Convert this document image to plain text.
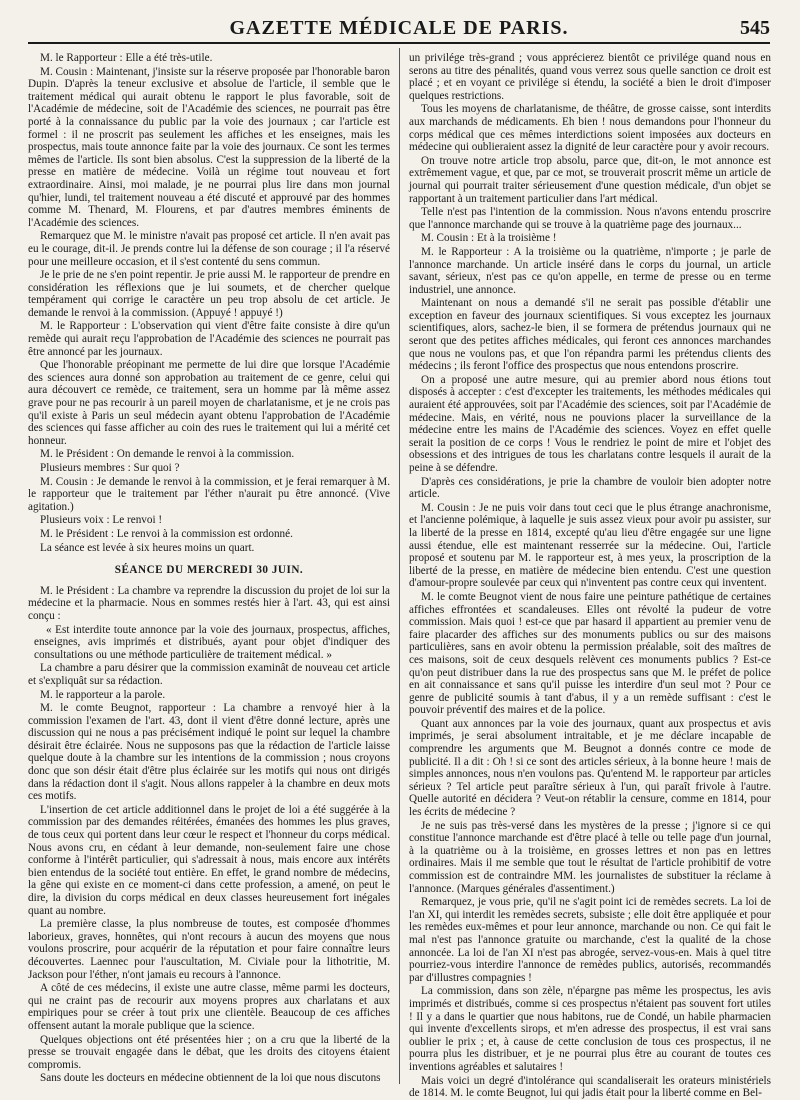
GAZETTE MÉDICALE DE PARIS.	545

M. le Rapporteur : Elle a été très-utile.

M. Cousin : Maintenant, j'insiste sur la réserve proposée par l'honorable baron Dupin. D'après la teneur exclusive et absolue de l'article, il semble que le traitement médical qui aurait obtenu le rapport le plus favorable, soit de l'Académie de médecine, soit de l'Académie des sciences, ne pourrait pas être porté à la connaissance du public par la voie des journaux ; car l'article est formel : il ne proscrit pas seulement les affiches et les enseignes, mais les prospectus, mais toute annonce faite par la voie des journaux. Ce sont les termes mêmes de l'article. Ils sont bien absolus. C'est la suppression de la liberté de la presse en matière de médecine. Voilà un régime tout nouveau et fort extraordinaire. Ainsi, moi malade, je ne pourrai plus lire dans mon journal qu'hier, lundi, tel traitement nouveau a été discuté et approuvé par des hommes comme M. Thenard, M. Flourens, et par d'autres membres éminents de l'Académie des sciences.

Remarquez que M. le ministre n'avait pas proposé cet article. Il n'en avait pas eu le courage, dit-il. Je prends contre lui la défense de son courage ; il l'a réservé pour une meilleure occasion, et il s'est contenté du sens commun.

Je le prie de ne s'en point repentir. Je prie aussi M. le rapporteur de prendre en considération les réflexions que je lui soumets, et de chercher quelque tempérament qui corrige le caractère un peu trop absolu de cet article. Je demande le renvoi à la commission. (Appuyé ! appuyé !)

M. le Rapporteur : L'observation qui vient d'être faite consiste à dire qu'un remède qui aurait reçu l'approbation de l'Académie des sciences ne pourrait pas être annoncé par les journaux.

Que l'honorable préopinant me permette de lui dire que lorsque l'Académie des sciences aura donné son approbation au traitement de ce genre, celui qui aura découvert ce remède, ce traitement, sera un homme par là même assez grave pour ne pas recourir à un pareil moyen de charlatanisme, et je ne crois pas qu'il existe à Paris un seul médecin ayant obtenu l'approbation de l'Académie des sciences qui fasse afficher au coin des rues le traitement qui lui a mérité cet honneur.

M. le Président : On demande le renvoi à la commission.

Plusieurs membres : Sur quoi ?

M. Cousin : Je demande le renvoi à la commission, et je ferai remarquer à M. le rapporteur que le traitement par l'éther n'aurait pu être annoncé. (Vive agitation.)

Plusieurs voix : Le renvoi !

M. le Président : Le renvoi à la commission est ordonné.

La séance est levée à six heures moins un quart.

SÉANCE DU MERCREDI 30 JUIN.

M. le Président : La chambre va reprendre la discussion du projet de loi sur la médecine et la pharmacie. Nous en sommes restés hier à l'art. 43, qui est ainsi conçu :

« Est interdite toute annonce par la voie des journaux, prospectus, affiches, enseignes, avis imprimés et distribués, ayant pour objet d'indiquer des consultations ou une méthode particulière de traitement médical. »

La chambre a paru désirer que la commission examinât de nouveau cet article et s'expliquât sur sa rédaction.

M. le rapporteur a la parole.

M. le comte Beugnot, rapporteur : La chambre a renvoyé hier à la commission l'examen de l'art. 43, dont il vient d'être donné lecture, après une discussion qui ne nous a pas précisément indiqué le point sur lequel la chambre désirait être éclairée. Nous ne supposons pas que la rédaction de l'article laisse quelque doute à la chambre sur les intentions de la commission ; nous croyons donc que son désir était d'être plus éclairée sur les motifs qui nous ont dirigés dans la rédaction dont il s'agit. Nous allons rappeler à la chambre en deux mots ces motifs.

L'insertion de cet article additionnel dans le projet de loi a été suggérée à la commission par des demandes réitérées, émanées des hommes les plus graves, de tous ceux qui portent dans leur cœur le respect et l'honneur du corps médical. Nous avons cru, en cédant à leur demande, non-seulement faire une chose conforme à l'intérêt particulier, qui s'adressait à nous, mais encore aux intérêts bien entendus de la société tout entière. En effet, le grand nombre de médecins, la gêne qui existe en ce moment-ci dans cette profession, a amené, on peut le dire, la division du corps médical en deux classes heureusement fort inégales quant au nombre.

La première classe, la plus nombreuse de toutes, est composée d'hommes laborieux, graves, honnêtes, qui n'ont recours à aucun des moyens que nous voulons proscrire, pour acquérir de la réputation et pour faire connaître leurs découvertes. Laennec pour l'auscultation, M. Civiale pour la lithotritie, M. Jackson pour l'éther, n'ont jamais eu recours à l'annonce.

A côté de ces médecins, il existe une autre classe, même parmi les docteurs, qui ne craint pas de recourir aux moyens propres aux charlatans et aux empiriques pour se créer à tout prix une clientèle. Beaucoup de ces affiches offensent autant la morale publique que la science.

Quelques objections ont été présentées hier ; on a cru que la liberté de la presse se trouvait engagée dans le débat, que les droits des citoyens étaient compromis.

Sans doute les docteurs en médecine obtiennent de la loi que nous discutons

un privilége très-grand ; vous apprécierez bientôt ce privilége quand nous en serons au titre des pénalités, quand vous verrez sous quelle sanction ce droit est placé ; et en voyant ce privilége si étendu, la société a bien le droit d'imposer quelques restrictions.

Tous les moyens de charlatanisme, de théâtre, de grosse caisse, sont interdits aux marchands de médicaments. Eh bien ! nous demandons pour l'honneur du corps médical que ces mêmes interdictions soient imposées aux docteurs en médecine qui oublieraient assez la dignité de leur caractère pour y avoir recours.

On trouve notre article trop absolu, parce que, dit-on, le mot annonce est extrêmement vague, et que, par ce mot, se trouverait proscrit même un article de journal qui pourrait traiter sérieusement d'une question médicale, d'un objet se rapportant à un traitement particulier dans l'art médical.

Telle n'est pas l'intention de la commission. Nous n'avons entendu proscrire que l'annonce marchande qui se trouve à la quatrième page des journaux...

M. Cousin : Et à la troisième !

M. le Rapporteur : A la troisième ou la quatrième, n'importe ; je parle de l'annonce marchande. Un article inséré dans le corps du journal, un article savant, sérieux, n'est pas ce qu'on appelle, en terme de presse ou en terme industriel, une annonce.

Maintenant on nous a demandé s'il ne serait pas possible d'établir une exception en faveur des journaux scientifiques. Si vous exceptez les journaux scientifiques, alors, sachez-le bien, il se formera de prétendus journaux qui ne seront que des petites affiches médicales, qui feront ces annonces marchandes que nous ne voulons pas, et que l'on répandra parmi les prétendus clients des médecins ; ils feront l'office des prospectus que nous entendons proscrire.

On a proposé une autre mesure, qui au premier abord nous étions tout disposés à accepter : c'est d'excepter les traitements, les méthodes médicales qui auraient été approuvées, soit par l'Académie des sciences, soit par l'Académie de médecine. Mais, en vérité, nous ne pouvions placer la surveillance de la médecine entre les mains de l'Académie des sciences. Voyez en effet quelle serait la position de ce corps ! Vous le rendriez le point de mire et l'objet des obsessions et des intrigues de tous les charlatans contre lesquels il aurait de la peine à se défendre.

D'après ces considérations, je prie la chambre de vouloir bien adopter notre article.

M. Cousin : Je ne puis voir dans tout ceci que le plus étrange anachronisme, et l'ancienne polémique, à laquelle je suis assez vieux pour avoir pu assister, sur la liberté de la presse en 1814, excepté qu'au lieu d'être engagée sur une ligne aussi étendue, elle est maintenant resserrée sur la médecine. Oui, l'article proposé et soutenu par M. le rapporteur est, à mes yeux, la proscription de la liberté de la presse, en matière de médecine bien entendu. C'est une question d'amour-propre soulevée par ceux qui n'inventent pas contre ceux qui inventent.

M. le comte Beugnot vient de nous faire une peinture pathétique de certaines affiches effrontées et scandaleuses. Elles ont révolté la pudeur de votre commission. Mais quoi ! est-ce que par hasard il appartient au premier venu de faire placarder des affiches sur des monuments publics ou sur des maisons particulières, sans en avoir obtenu la permission préalable, soit des maîtres de ces maisons, soit de ceux desquels relèvent ces monuments publics ? Est-ce qu'on peut distribuer dans la rue des prospectus sans que M. le préfet de police en ait connaissance et sans qu'il puisse les interdire d'un seul mot ? Pour ce genre de publicité soumis à tant d'abus, il y a un remède suffisant : c'est le pouvoir préventif des maires et de la police.

Quant aux annonces par la voie des journaux, quant aux prospectus et avis imprimés, je serai absolument intraitable, et je me déclare incapable de comprendre les arguments que M. Beugnot a donnés contre ce mode de publicité. Il a dit : Oh ! si ce sont des articles sérieux, à la bonne heure ! mais de simples annonces, nous n'en voulons pas. Qu'entend M. le rapporteur par articles sérieux ? Tel article peut paraître sérieux à l'un, qui paraît frivole à l'autre. Quelle autorité en décidera ? Veut-on rétablir la censure, comme en 1814, pour les écrits de médecine ?

Je ne suis pas très-versé dans les mystères de la presse ; j'ignore si ce qui constitue l'annonce marchande est d'être placé à telle ou telle page d'un journal, à la quatrième ou à la troisième, en grosses lettres et non pas en lettres ordinaires. Mais il me semble que tout le résultat de l'article prohibitif de votre commission est de contraindre MM. les journalistes de substituer la réclame à l'annonce. (Marques générales d'assentiment.)

Remarquez, je vous prie, qu'il ne s'agit point ici de remèdes secrets. La loi de l'an XI, qui interdit les remèdes secrets, subsiste ; elle doit être appliquée et pour les remèdes eux-mêmes et pour leur annonce, marchande ou non. Ce qui fait le mal n'est pas l'annonce gratuite ou marchande, c'est la qualité de la chose annoncée. La loi de l'an XI n'est pas abrogée, servez-vous-en. Mais à quel titre pourriez-vous interdire l'annonce de remèdes publics, autorisés, recommandés par d'illustres compagnies !

La commission, dans son zèle, n'épargne pas même les prospectus, les avis imprimés et distribués, comme si ces prospectus n'étaient pas souvent fort utiles ! Il y a dans le quartier que nous habitons, rue de Condé, un habile pharmacien qui invente d'excellents sirops, et m'en adresse des prospectus, il est vrai sans oublier le prix ; et, à cause de cette conclusion de tous ces prospectus, il ne pourra plus les distribuer, et je ne pourrai plus être au courant de toutes ces inventions agréables et salutaires !

Mais voici un degré d'intolérance qui scandaliserait les orateurs ministériels de 1814. M. le comte Beugnot, lui qui jadis était pour la liberté comme en Bel-
